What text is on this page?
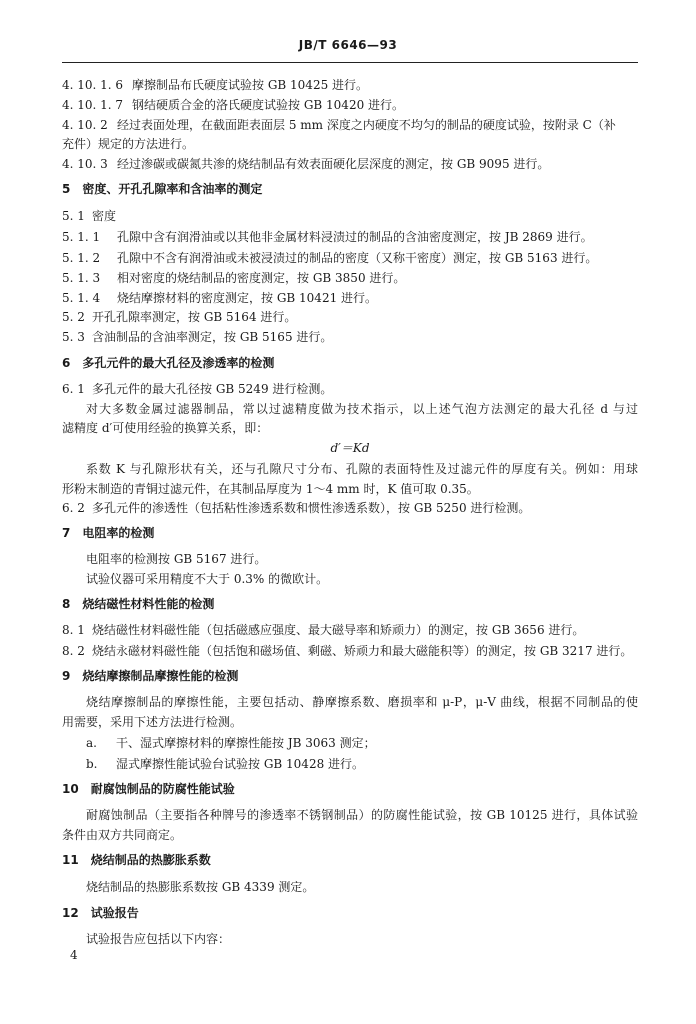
JB/T 6646—93
4. 10. 1. 6 摩擦制品布氏硬度试验按 GB 10425 进行。
4. 10. 1. 7 钢结硬质合金的洛氏硬度试验按 GB 10420 进行。
4. 10. 2 经过表面处理，在截面距表面层 5 mm 深度之内硬度不均匀的制品的硬度试验，按附录 C（补
充件）规定的方法进行。
4. 10. 3 经过渗碳或碳氮共渗的烧结制品有效表面硬化层深度的测定，按 GB 9095 进行。
5　密度、开孔孔隙率和含油率的测定
5. 1 密度
5. 1. 1 孔隙中含有润滑油或以其他非金属材料浸渍过的制品的含油密度测定，按 JB 2869 进行。
5. 1. 2 孔隙中不含有润滑油或未被浸渍过的制品的密度（又称干密度）测定，按 GB 5163 进行。
5. 1. 3 相对密度的烧结制品的密度测定，按 GB 3850 进行。
5. 1. 4 烧结摩擦材料的密度测定，按 GB 10421 进行。
5. 2 开孔孔隙率测定，按 GB 5164 进行。
5. 3 含油制品的含油率测定，按 GB 5165 进行。
6　多孔元件的最大孔径及渗透率的检测
6. 1 多孔元件的最大孔径按 GB 5249 进行检测。
对大多数金属过滤器制品，常以过滤精度做为技术指示，以上述气泡方法测定的最大孔径 d 与过
滤精度 d′可使用经验的换算关系，即：
d′＝Kd
系数 K 与孔隙形状有关，还与孔隙尺寸分布、孔隙的表面特性及过滤元件的厚度有关。例如：用球
形粉末制造的青铜过滤元件，在其制品厚度为 1～4 mm 时，K 值可取 0.35。
6. 2 多孔元件的渗透性（包括粘性渗透系数和惯性渗透系数），按 GB 5250 进行检测。
7　电阻率的检测
电阻率的检测按 GB 5167 进行。
试验仪器可采用精度不大于 0.3% 的微欧计。
8　烧结磁性材料性能的检测
8. 1 烧结磁性材料磁性能（包括磁感应强度、最大磁导率和矫顽力）的测定，按 GB 3656 进行。
8. 2 烧结永磁材料磁性能（包括饱和磁场值、剩磁、矫顽力和最大磁能积等）的测定，按 GB 3217 进行。
9　烧结摩擦制品摩擦性能的检测
烧结摩擦制品的摩擦性能，主要包括动、静摩擦系数、磨损率和 μ-P，μ-V 曲线，根据不同制品的使
用需要，采用下述方法进行检测。
a. 干、湿式摩擦材料的摩擦性能按 JB 3063 测定；
b. 湿式摩擦性能试验台试验按 GB 10428 进行。
10　耐腐蚀制品的防腐性能试验
耐腐蚀制品（主要指各种牌号的渗透率不锈钢制品）的防腐性能试验，按 GB 10125 进行，具体试验
条件由双方共同商定。
11　烧结制品的热膨胀系数
烧结制品的热膨胀系数按 GB 4339 测定。
12　试验报告
试验报告应包括以下内容：
4
